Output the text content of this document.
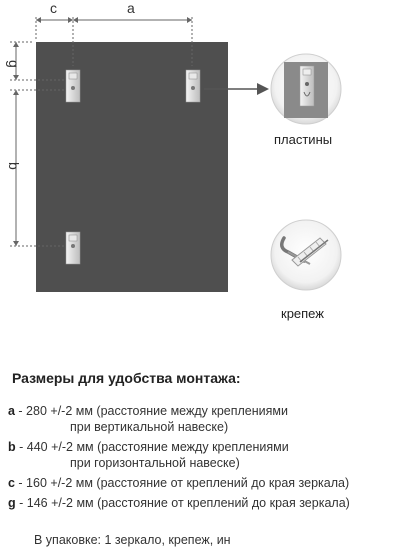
c	a
g
b
пластины
крепеж
Размеры для удобства монтажа:
a - 280 +/-2 мм (расстояние между креплениями
при вертикальной навеске)
b - 440 +/-2 мм (расстояние между креплениями
при горизонтальной навеске)
c - 160 +/-2 мм (расстояние от креплений до края зеркала)
g - 146 +/-2 мм (расстояние от креплений до края зеркала)
В упаковке: 1 зеркало, крепеж, ин
